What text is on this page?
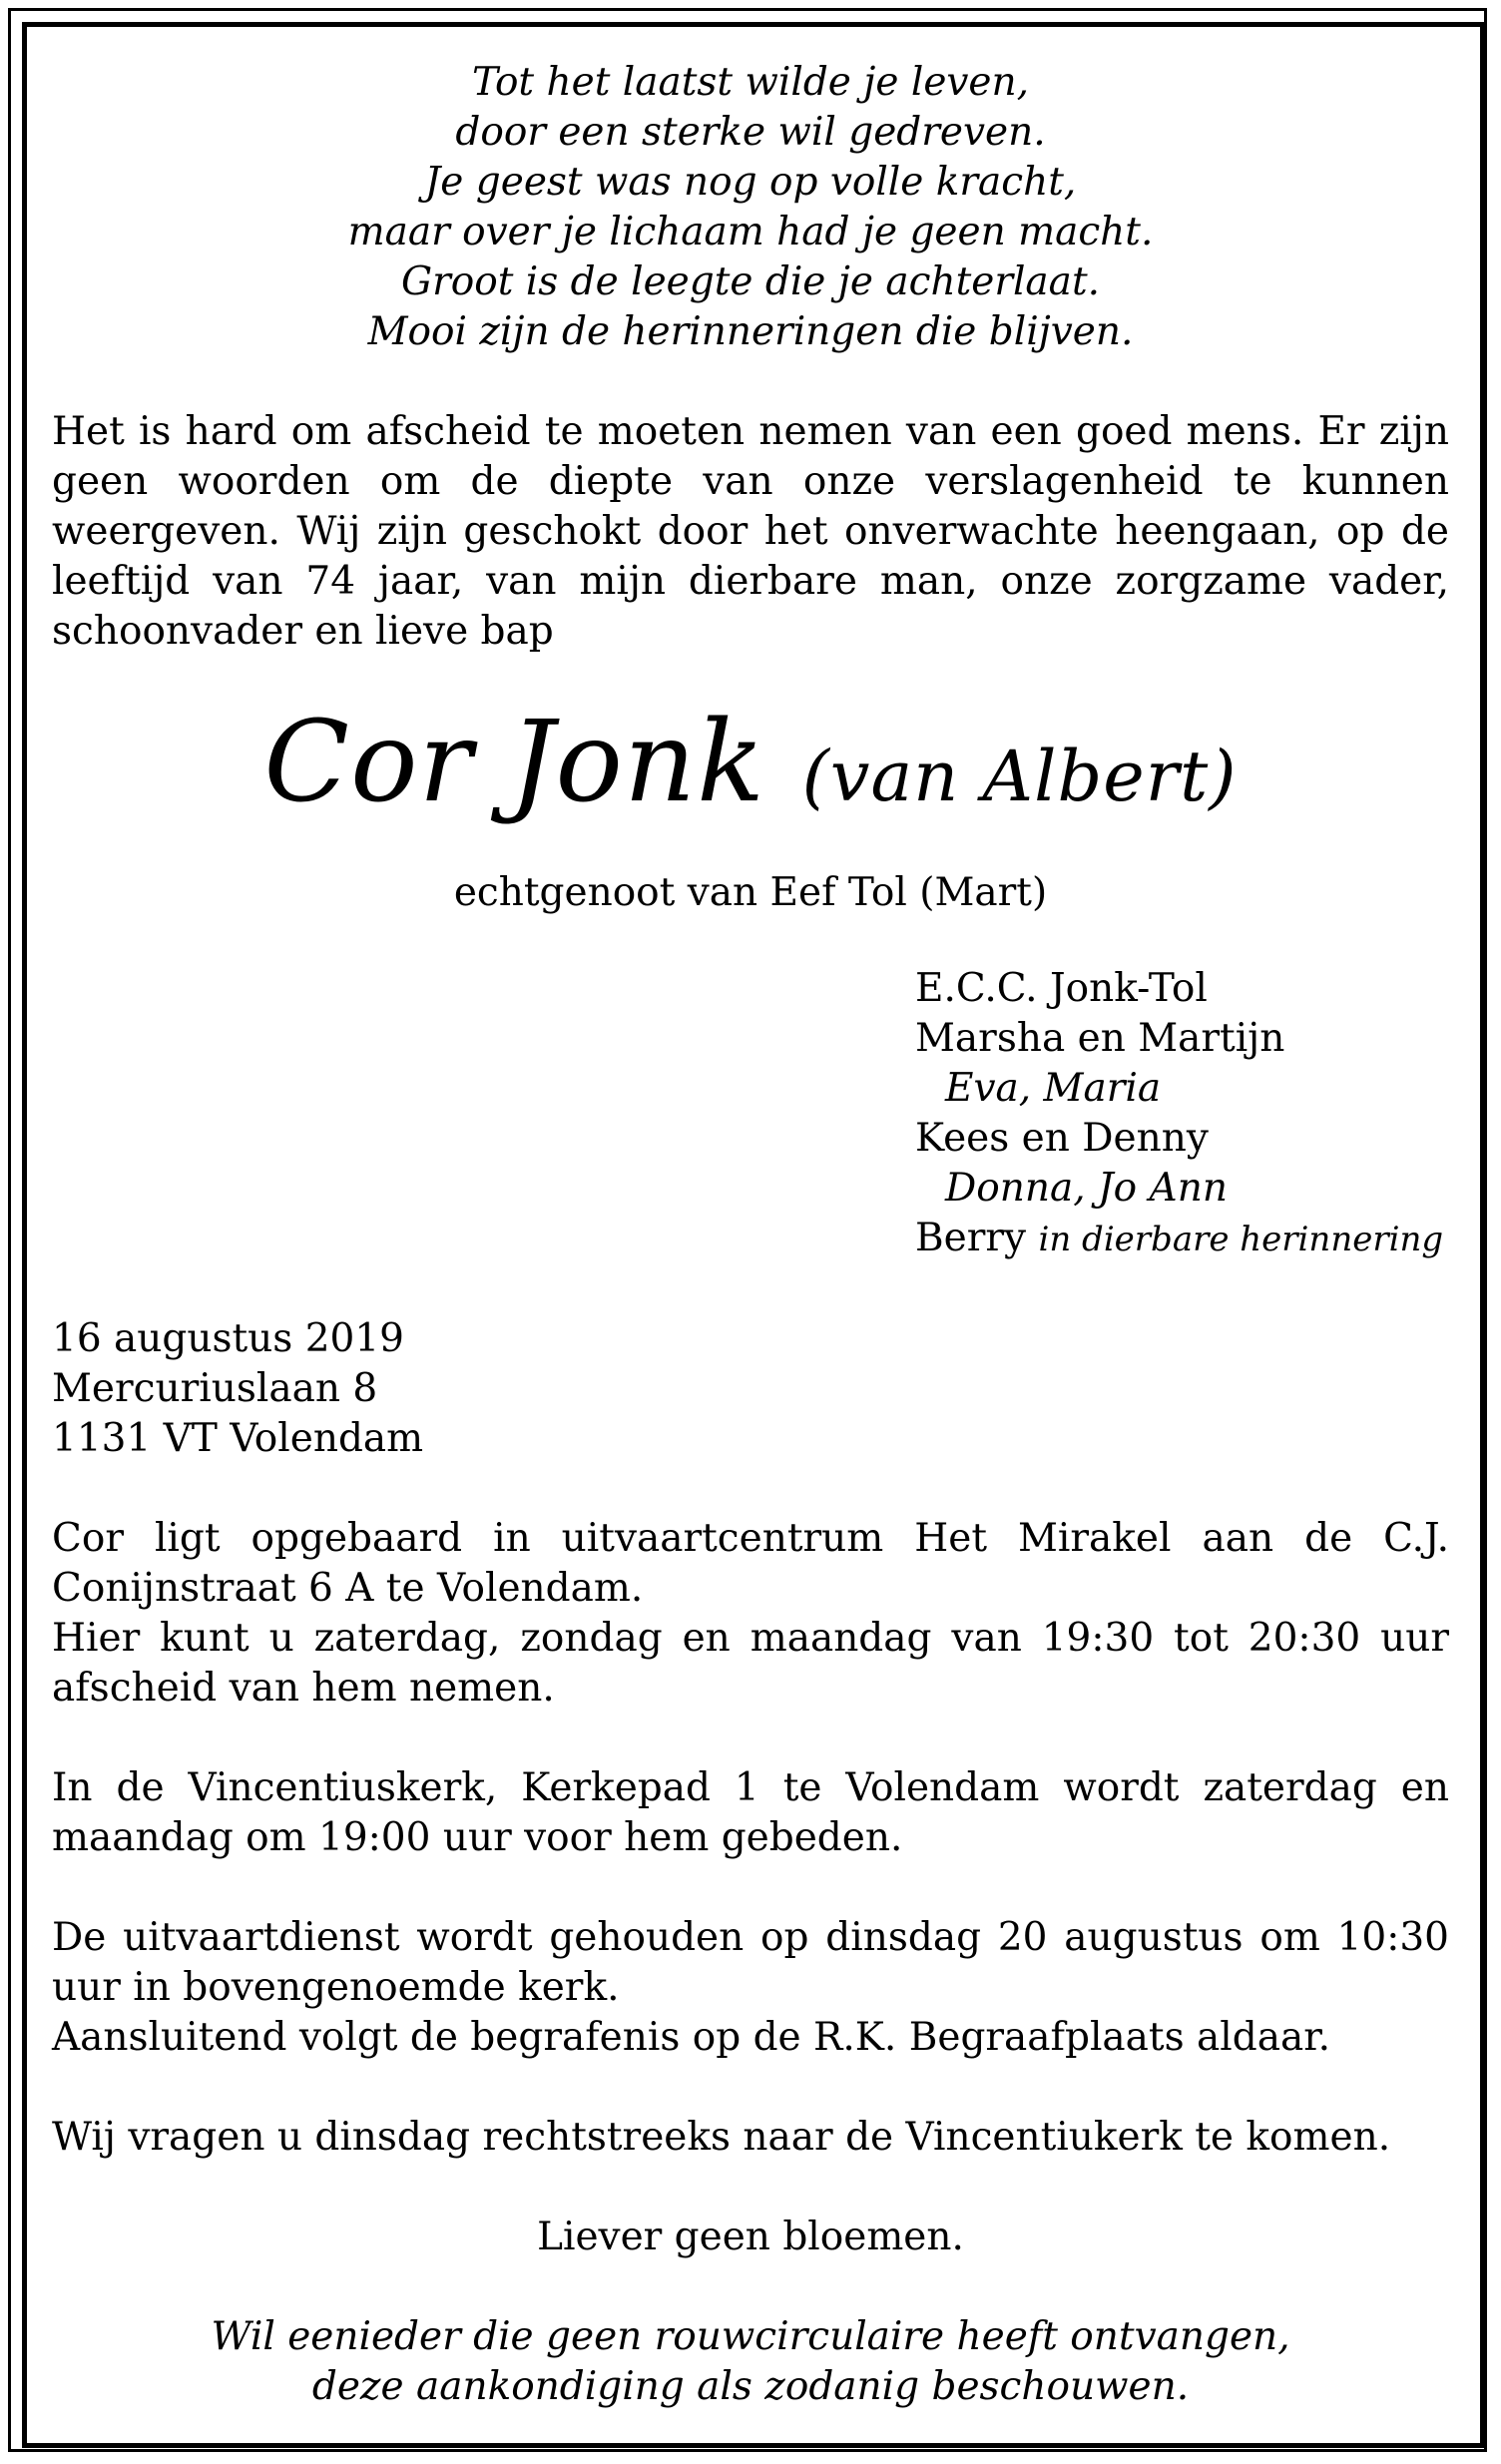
Tot het laatst wilde je leven,
door een sterke wil gedreven.
Je geest was nog op volle kracht,
maar over je lichaam had je geen macht.
Groot is de leegte die je achterlaat.
Mooi zijn de herinneringen die blijven.
Het is hard om afscheid te moeten nemen van een goed mens. Er zijn geen woorden om de diepte van onze verslagenheid te kunnen weergeven. Wij zijn geschokt door het onverwachte heengaan, op de leeftijd van 74 jaar, van mijn dierbare man, onze zorgzame vader, schoonvader en lieve bap
Cor Jonk (van Albert)
echtgenoot van Eef Tol (Mart)
E.C.C. Jonk-Tol
Marsha en Martijn
Eva, Maria
Kees en Denny
Donna, Jo Ann
Berry in dierbare herinnering
16 augustus 2019
Mercuriuslaan 8
1131 VT Volendam
Cor ligt opgebaard in uitvaartcentrum Het Mirakel aan de C.J. Conijnstraat 6 A te Volendam.
Hier kunt u zaterdag, zondag en maandag van 19:30 tot 20:30 uur afscheid van hem nemen.
In de Vincentiuskerk, Kerkepad 1 te Volendam wordt zaterdag en maandag om 19:00 uur voor hem gebeden.
De uitvaartdienst wordt gehouden op dinsdag 20 augustus om 10:30 uur in bovengenoemde kerk.
Aansluitend volgt de begrafenis op de R.K. Begraafplaats aldaar.
Wij vragen u dinsdag rechtstreeks naar de Vincentiukerk te komen.
Liever geen bloemen.
Wil eenieder die geen rouwcirculaire heeft ontvangen,
deze aankondiging als zodanig beschouwen.
